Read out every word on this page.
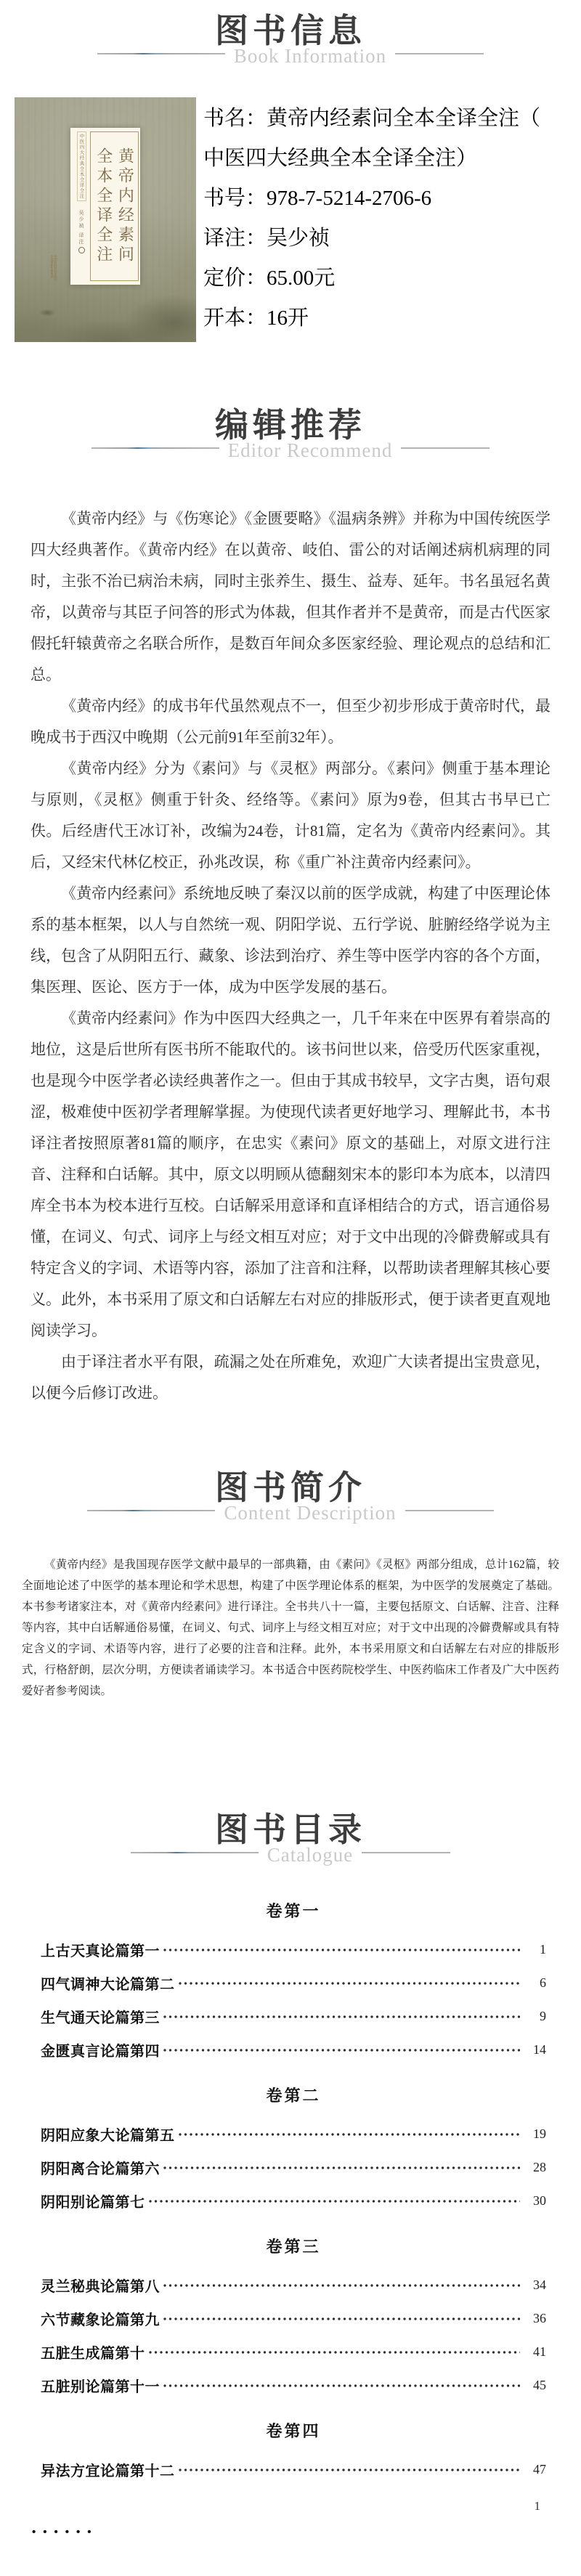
图书信息
Book Information
中医四大经典全本全译全注
吴少祯 译注
中国健康传媒集团 中国医药科技出版社
黄帝内经素问
全本全译全注

书名：黄帝内经素问全本全译全注（

中医四大经典全本全译全注）

书号：978-7-5214-2706-6

译注：吴少祯

定价：65.00元

开本：16开

编辑推荐
Editor Recommend

《黄帝内经》与《伤寒论》《金匮要略》《温病条辨》并称为中国传统医学四大经典著作。《黄帝内经》在以黄帝、岐伯、雷公的对话阐述病机病理的同时，主张不治已病治未病，同时主张养生、摄生、益寿、延年。书名虽冠名黄帝，以黄帝与其臣子问答的形式为体裁，但其作者并不是黄帝，而是古代医家假托轩辕黄帝之名联合所作，是数百年间众多医家经验、理论观点的总结和汇总。

《黄帝内经》的成书年代虽然观点不一，但至少初步形成于黄帝时代，最晚成书于西汉中晚期（公元前91年至前32年）。

《黄帝内经》分为《素问》与《灵枢》两部分。《素问》侧重于基本理论与原则，《灵枢》侧重于针灸、经络等。《素问》原为9卷，但其古书早已亡佚。后经唐代王冰订补，改编为24卷，计81篇，定名为《黄帝内经素问》。其后，又经宋代林亿校正，孙兆改误，称《重广补注黄帝内经素问》。

《黄帝内经素问》系统地反映了秦汉以前的医学成就，构建了中医理论体系的基本框架，以人与自然统一观、阴阳学说、五行学说、脏腑经络学说为主线，包含了从阴阳五行、藏象、诊法到治疗、养生等中医学内容的各个方面，集医理、医论、医方于一体，成为中医学发展的基石。

《黄帝内经素问》作为中医四大经典之一，几千年来在中医界有着崇高的地位，这是后世所有医书所不能取代的。该书问世以来，倍受历代医家重视，也是现今中医学者必读经典著作之一。但由于其成书较早，文字古奥，语句艰涩，极难使中医初学者理解掌握。为使现代读者更好地学习、理解此书，本书译注者按照原著81篇的顺序，在忠实《素问》原文的基础上，对原文进行注音、注释和白话解。其中，原文以明顾从德翻刻宋本的影印本为底本，以清四库全书本为校本进行互校。白话解采用意译和直译相结合的方式，语言通俗易懂，在词义、句式、词序上与经文相互对应；对于文中出现的冷僻费解或具有特定含义的字词、术语等内容，添加了注音和注释，以帮助读者理解其核心要义。此外，本书采用了原文和白话解左右对应的排版形式，便于读者更直观地阅读学习。

由于译注者水平有限，疏漏之处在所难免，欢迎广大读者提出宝贵意见，以便今后修订改进。

图书简介
Content Description

《黄帝内经》是我国现存医学文献中最早的一部典籍，由《素问》《灵枢》两部分组成，总计162篇，较全面地论述了中医学的基本理论和学术思想，构建了中医学理论体系的框架，为中医学的发展奠定了基础。本书参考诸家注本，对《黄帝内经素问》进行译注。全书共八十一篇，主要包括原文、白话解、注音、注释等内容，其中白话解通俗易懂，在词义、句式、词序上与经文相互对应；对于文中出现的冷僻费解或具有特定含义的字词、术语等内容，进行了必要的注音和注释。此外，本书采用原文和白话解左右对应的排版形式，行格舒朗，层次分明，方便读者诵读学习。本书适合中医药院校学生、中医药临床工作者及广大中医药爱好者参考阅读。

图书目录
Catalogue
卷第一
上古天真论篇第一	1
四气调神大论篇第二	6
生气通天论篇第三	9
金匮真言论篇第四	14
卷第二
阴阳应象大论篇第五	19
阴阳离合论篇第六	28
阴阳别论篇第七	30
卷第三
灵兰秘典论篇第八	34
六节藏象论篇第九	36
五脏生成篇第十	41
五脏别论篇第十一	45
卷第四
异法方宜论篇第十二	47
1
••••••
